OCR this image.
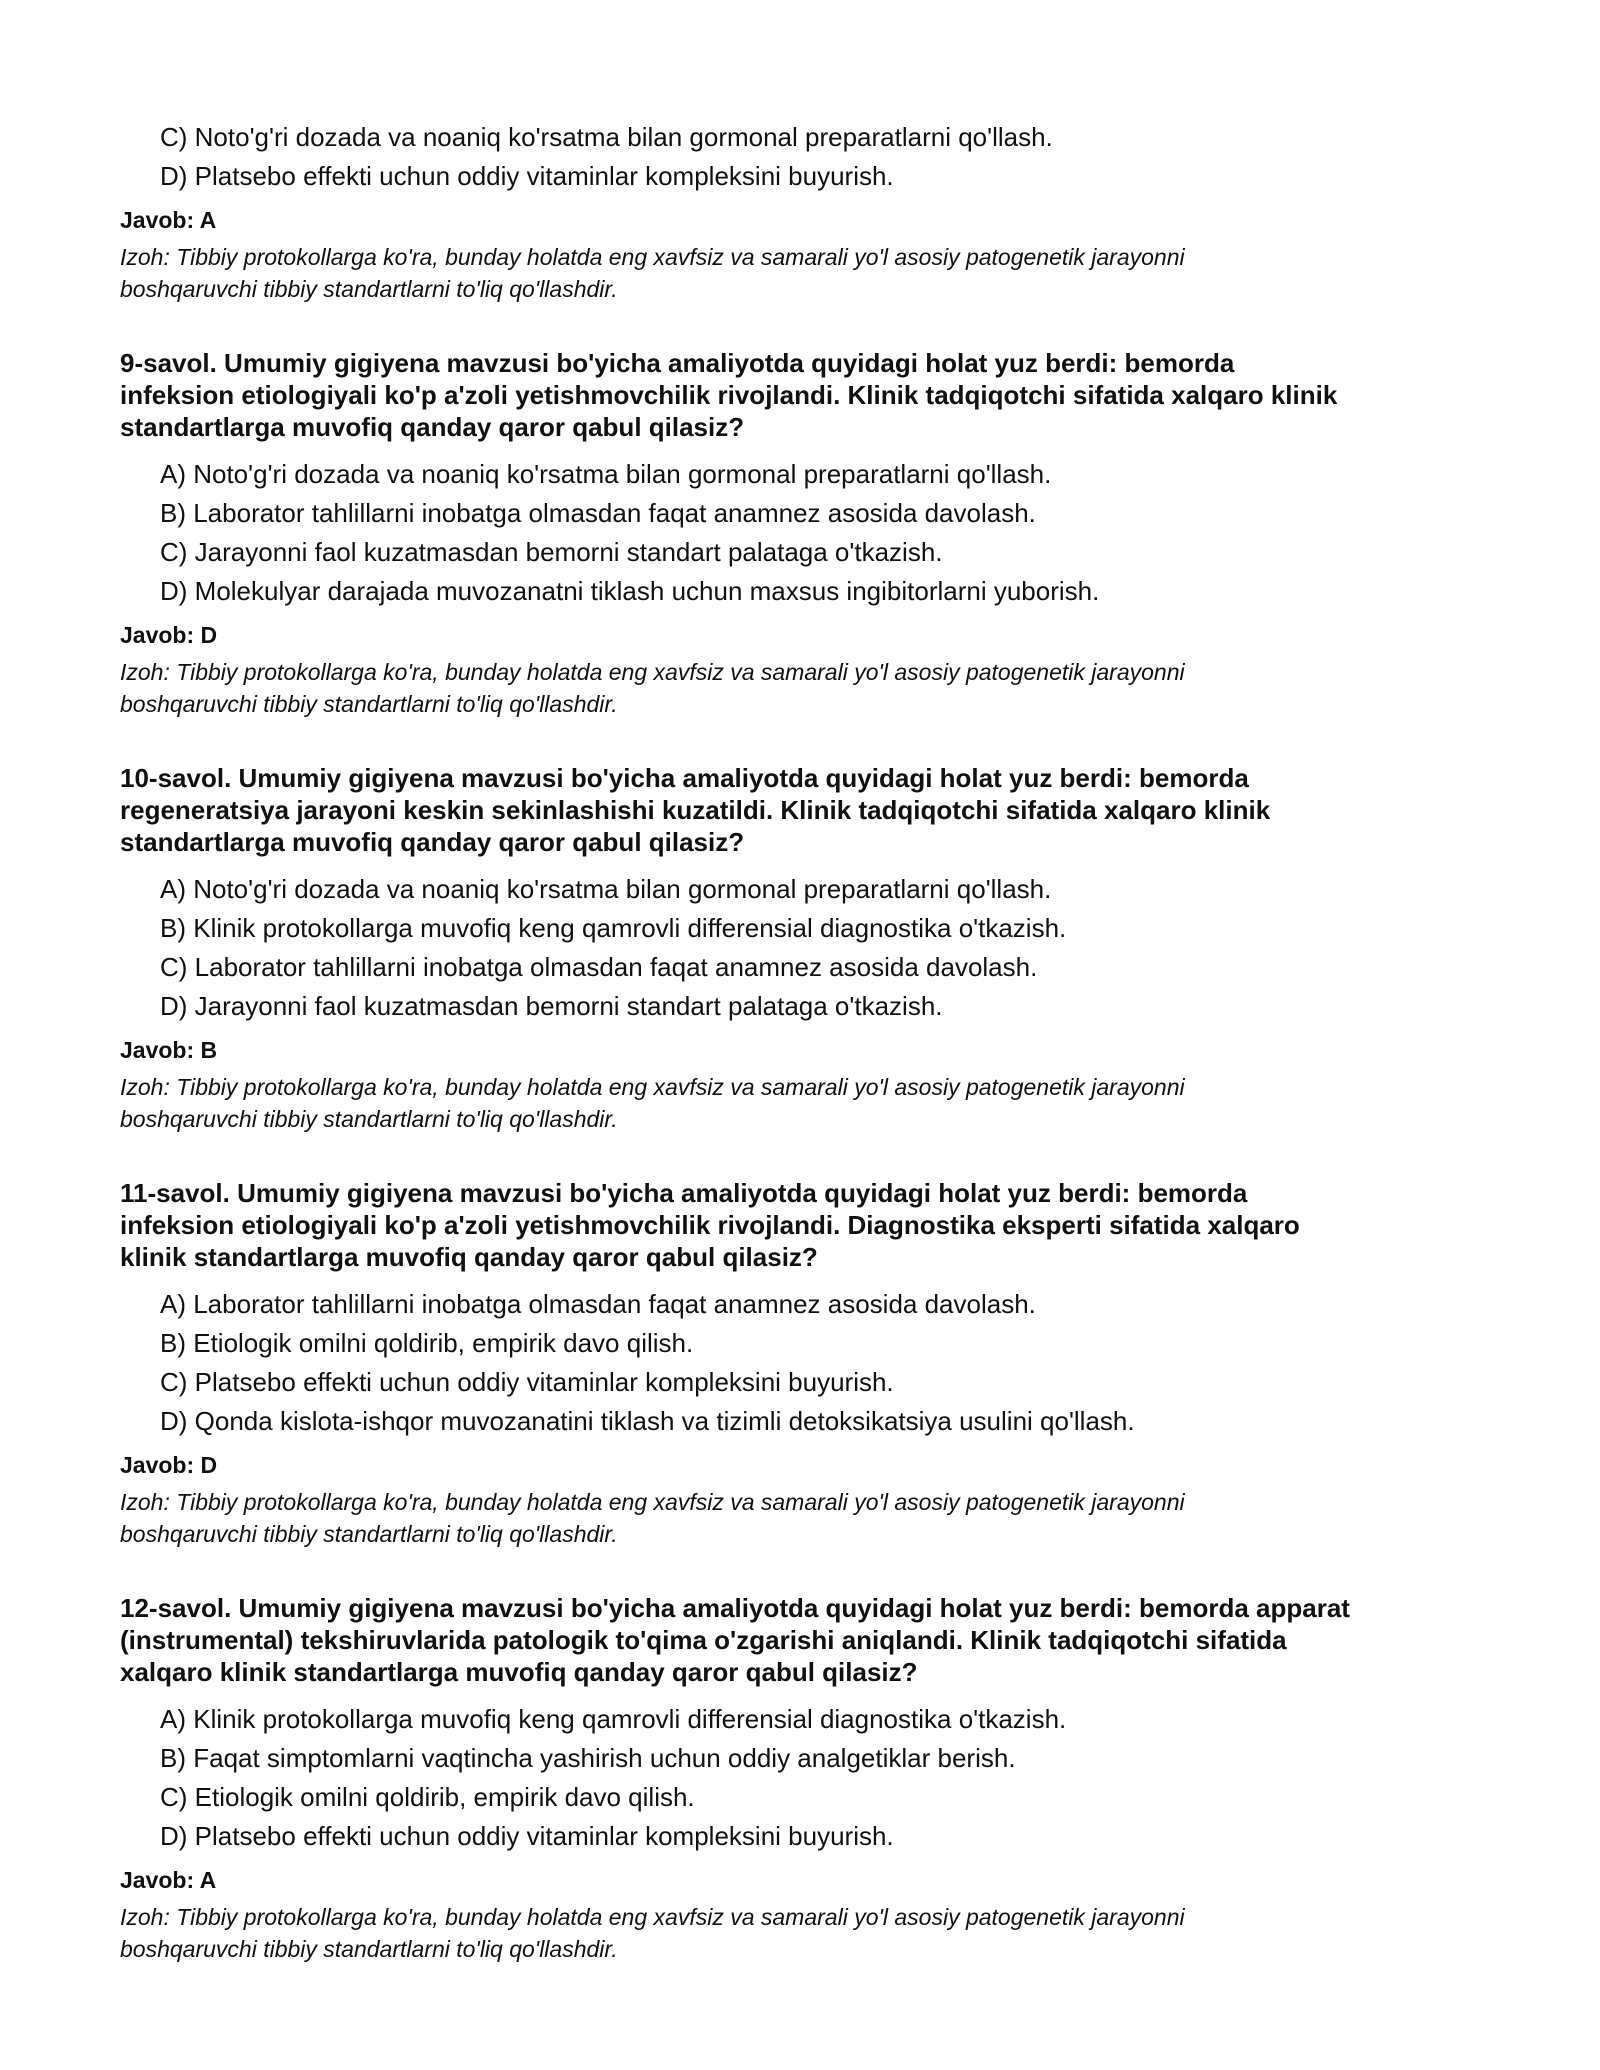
C) Noto'g'ri dozada va noaniq ko'rsatma bilan gormonal preparatlarni qo'llash.
D) Platsebo effekti uchun oddiy vitaminlar kompleksini buyurish.
Javob: A
Izoh: Tibbiy protokollarga ko'ra, bunday holatda eng xavfsiz va samarali yo'l asosiy patogenetik jarayonni
boshqaruvchi tibbiy standartlarni to'liq qo'llashdir.
9-savol. Umumiy gigiyena mavzusi bo'yicha amaliyotda quyidagi holat yuz berdi: bemorda
infeksion etiologiyali ko'p a'zoli yetishmovchilik rivojlandi. Klinik tadqiqotchi sifatida xalqaro klinik
standartlarga muvofiq qanday qaror qabul qilasiz?
A) Noto'g'ri dozada va noaniq ko'rsatma bilan gormonal preparatlarni qo'llash.
B) Laborator tahlillarni inobatga olmasdan faqat anamnez asosida davolash.
C) Jarayonni faol kuzatmasdan bemorni standart palataga o'tkazish.
D) Molekulyar darajada muvozanatni tiklash uchun maxsus ingibitorlarni yuborish.
Javob: D
Izoh: Tibbiy protokollarga ko'ra, bunday holatda eng xavfsiz va samarali yo'l asosiy patogenetik jarayonni
boshqaruvchi tibbiy standartlarni to'liq qo'llashdir.
10-savol. Umumiy gigiyena mavzusi bo'yicha amaliyotda quyidagi holat yuz berdi: bemorda
regeneratsiya jarayoni keskin sekinlashishi kuzatildi. Klinik tadqiqotchi sifatida xalqaro klinik
standartlarga muvofiq qanday qaror qabul qilasiz?
A) Noto'g'ri dozada va noaniq ko'rsatma bilan gormonal preparatlarni qo'llash.
B) Klinik protokollarga muvofiq keng qamrovli differensial diagnostika o'tkazish.
C) Laborator tahlillarni inobatga olmasdan faqat anamnez asosida davolash.
D) Jarayonni faol kuzatmasdan bemorni standart palataga o'tkazish.
Javob: B
Izoh: Tibbiy protokollarga ko'ra, bunday holatda eng xavfsiz va samarali yo'l asosiy patogenetik jarayonni
boshqaruvchi tibbiy standartlarni to'liq qo'llashdir.
11-savol. Umumiy gigiyena mavzusi bo'yicha amaliyotda quyidagi holat yuz berdi: bemorda
infeksion etiologiyali ko'p a'zoli yetishmovchilik rivojlandi. Diagnostika eksperti sifatida xalqaro
klinik standartlarga muvofiq qanday qaror qabul qilasiz?
A) Laborator tahlillarni inobatga olmasdan faqat anamnez asosida davolash.
B) Etiologik omilni qoldirib, empirik davo qilish.
C) Platsebo effekti uchun oddiy vitaminlar kompleksini buyurish.
D) Qonda kislota-ishqor muvozanatini tiklash va tizimli detoksikatsiya usulini qo'llash.
Javob: D
Izoh: Tibbiy protokollarga ko'ra, bunday holatda eng xavfsiz va samarali yo'l asosiy patogenetik jarayonni
boshqaruvchi tibbiy standartlarni to'liq qo'llashdir.
12-savol. Umumiy gigiyena mavzusi bo'yicha amaliyotda quyidagi holat yuz berdi: bemorda apparat
(instrumental) tekshiruvlarida patologik to'qima o'zgarishi aniqlandi. Klinik tadqiqotchi sifatida
xalqaro klinik standartlarga muvofiq qanday qaror qabul qilasiz?
A) Klinik protokollarga muvofiq keng qamrovli differensial diagnostika o'tkazish.
B) Faqat simptomlarni vaqtincha yashirish uchun oddiy analgetiklar berish.
C) Etiologik omilni qoldirib, empirik davo qilish.
D) Platsebo effekti uchun oddiy vitaminlar kompleksini buyurish.
Javob: A
Izoh: Tibbiy protokollarga ko'ra, bunday holatda eng xavfsiz va samarali yo'l asosiy patogenetik jarayonni
boshqaruvchi tibbiy standartlarni to'liq qo'llashdir.
